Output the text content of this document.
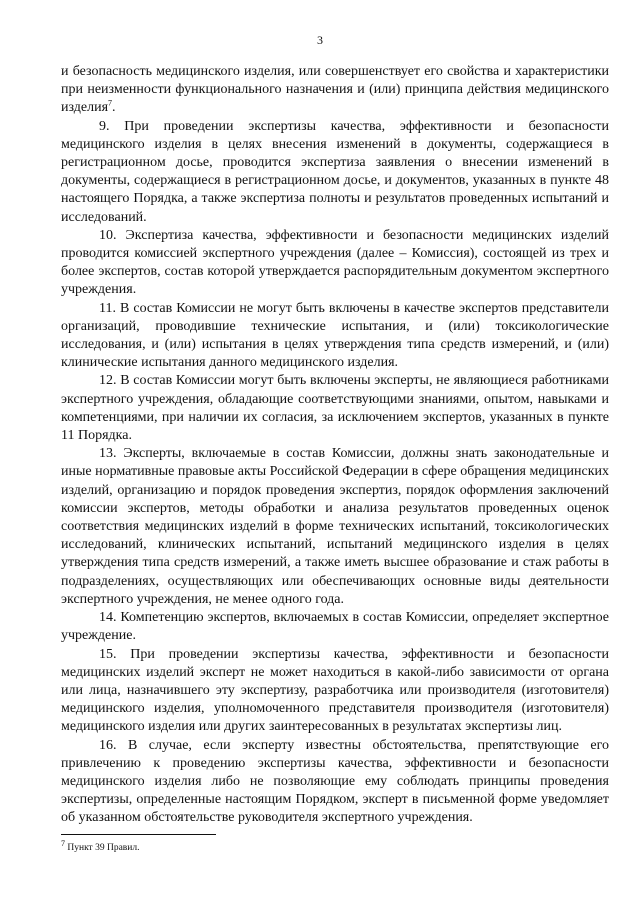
3

и безопасность медицинского изделия, или совершенствует его свойства и характеристики при неизменности функционального назначения и (или) принципа действия медицинского изделия$^7$.

9. При проведении экспертизы качества, эффективности и безопасности медицинского изделия в целях внесения изменений в документы, содержащиеся в регистрационном досье, проводится экспертиза заявления о внесении изменений в документы, содержащиеся в регистрационном досье, и документов, указанных в пункте 48 настоящего Порядка, а также экспертиза полноты и результатов проведенных испытаний и исследований.

10. Экспертиза качества, эффективности и безопасности медицинских изделий проводится комиссией экспертного учреждения (далее – Комиссия), состоящей из трех и более экспертов, состав которой утверждается распорядительным документом экспертного учреждения.

11. В состав Комиссии не могут быть включены в качестве экспертов представители организаций, проводившие технические испытания, и (или) токсикологические исследования, и (или) испытания в целях утверждения типа средств измерений, и (или) клинические испытания данного медицинского изделия.

12. В состав Комиссии могут быть включены эксперты, не являющиеся работниками экспертного учреждения, обладающие соответствующими знаниями, опытом, навыками и компетенциями, при наличии их согласия, за исключением экспертов, указанных в пункте 11 Порядка.

13. Эксперты, включаемые в состав Комиссии, должны знать законодательные и иные нормативные правовые акты Российской Федерации в сфере обращения медицинских изделий, организацию и порядок проведения экспертиз, порядок оформления заключений комиссии экспертов, методы обработки и анализа результатов проведенных оценок соответствия медицинских изделий в форме технических испытаний, токсикологических исследований, клинических испытаний, испытаний медицинского изделия в целях утверждения типа средств измерений, а также иметь высшее образование и стаж работы в подразделениях, осуществляющих или обеспечивающих основные виды деятельности экспертного учреждения, не менее одного года.

14. Компетенцию экспертов, включаемых в состав Комиссии, определяет экспертное учреждение.

15. При проведении экспертизы качества, эффективности и безопасности медицинских изделий эксперт не может находиться в какой-либо зависимости от органа или лица, назначившего эту экспертизу, разработчика или производителя (изготовителя) медицинского изделия, уполномоченного представителя производителя (изготовителя) медицинского изделия или других заинтересованных в результатах экспертизы лиц.

16. В случае, если эксперту известны обстоятельства, препятствующие его привлечению к проведению экспертизы качества, эффективности и безопасности медицинского изделия либо не позволяющие ему соблюдать принципы проведения экспертизы, определенные настоящим Порядком, эксперт в письменной форме уведомляет об указанном обстоятельстве руководителя экспертного учреждения.

$^7$ Пункт 39 Правил.
